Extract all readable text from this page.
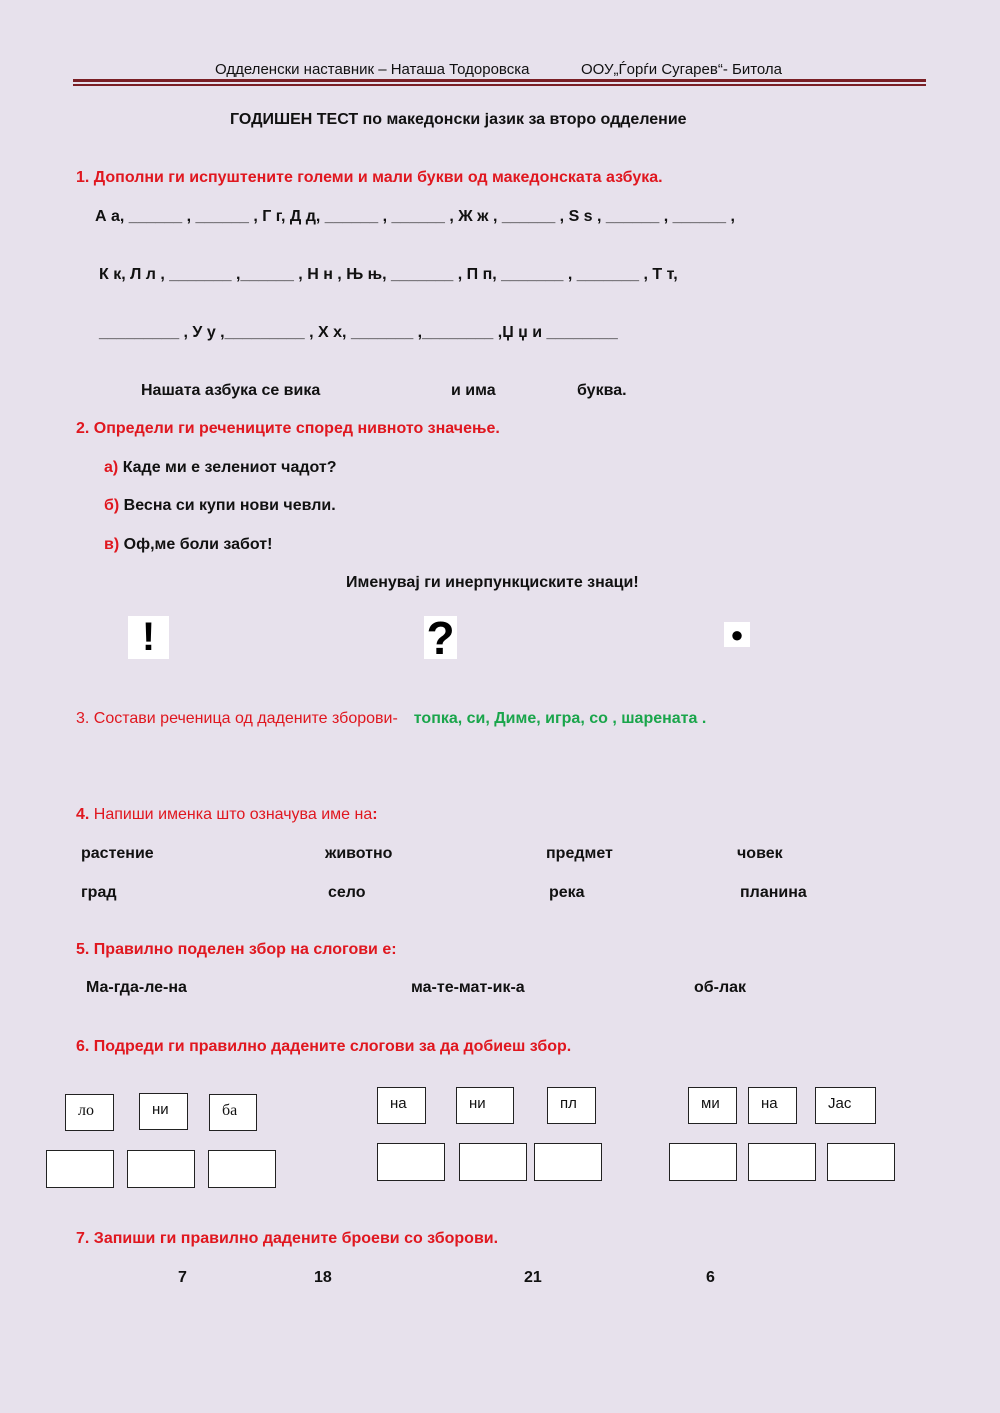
Одделенски наставник – Наташа Тодоровска	ООУ„Ѓорѓи Сугарев“- Битола
ГОДИШЕН ТЕСТ по македонски јазик за второ одделение
1. Дополни ги испуштените големи и мали букви од македонската азбука.
А а, ______ , ______ , Г г, Д д, ______ , ______ , Ж ж , ______ , Ѕ ѕ , ______ , ______ ,
К к, Л л , _______ ,______ , Н н , Њ њ, _______ , П п, _______ , _______ , Т т,
_________ , У у ,_________ , Х х, _______ ,________ ,Џ џ и ________
Нашата азбука се вика	и има	буква.
2. Определи ги речениците според нивното значење.
а) Каде ми е зелениот чадот?
б) Весна си купи нови чевли.
в) Оф,ме боли забот!
Именувај ги инерпункциските знаци!
!	?	●
3. Состави реченица од дадените зборови- топка, си, Диме, игра, со , шарената .
4. Напиши именка што означува име на:
растение	животно	предмет	човек
град	село	река	планина
5. Правилно поделен збор на слогови е:
Ма-гда-ле-на	ма-те-мат-ик-а	об-лак
6. Подреди ги правилно дадените слогови за да добиеш збор.
ло	ни	ба	на	ни	пл	ми	на	Јас
7. Запиши ги правилно дадените броеви со зборови.
7	18	21	6
